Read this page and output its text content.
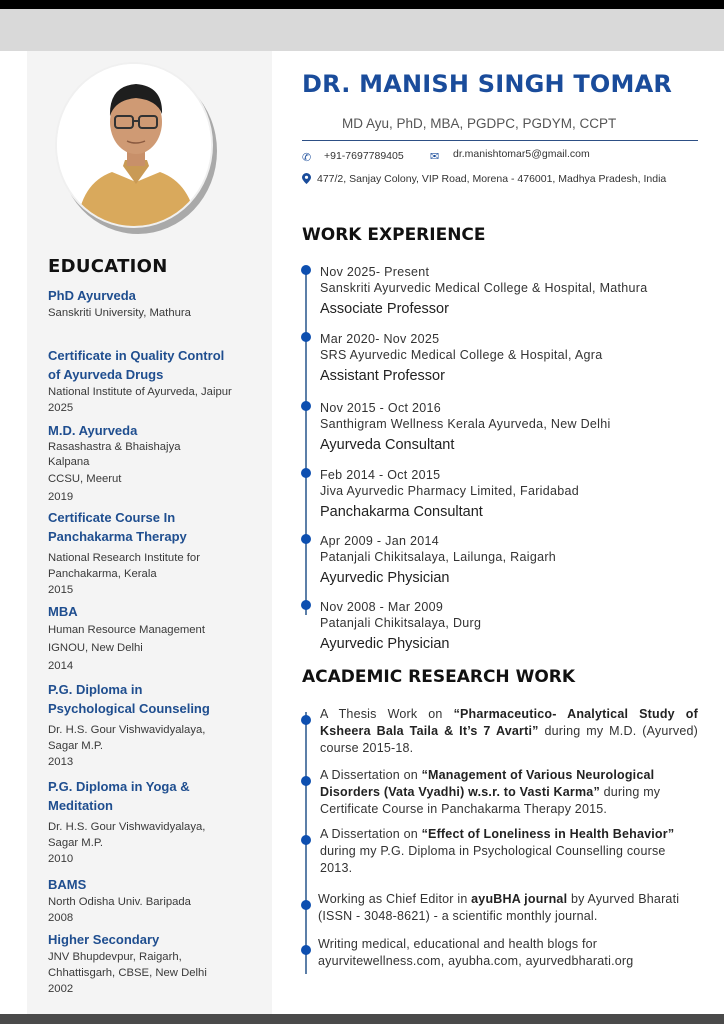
EDUCATION
PhD Ayurveda
Sanskriti University, Mathura
Certificate in Quality Control
of Ayurveda Drugs
National Institute of Ayurveda, Jaipur
2025
M.D. Ayurveda
Rasashastra & Bhaishajya
Kalpana
CCSU, Meerut
2019
Certificate Course In
Panchakarma Therapy
National Research Institute for
Panchakarma, Kerala
2015
MBA
Human Resource Management
IGNOU, New Delhi
2014
P.G. Diploma in
Psychological Counseling
Dr. H.S. Gour Vishwavidyalaya,
Sagar M.P.
2013
P.G. Diploma in Yoga &
Meditation
Dr. H.S. Gour Vishwavidyalaya,
Sagar M.P.
2010
BAMS
North Odisha Univ. Baripada
2008
Higher Secondary
JNV Bhupdevpur, Raigarh,
Chhattisgarh, CBSE, New Delhi
2002
DR. MANISH SINGH TOMAR
MD Ayu, PhD, MBA, PGDPC, PGDYM, CCPT
✆ +91-7697789405 ✉ dr.manishtomar5@gmail.com
477/2, Sanjay Colony, VIP Road, Morena - 476001, Madhya Pradesh, India
WORK EXPERIENCE
Nov 2025- Present
Sanskriti Ayurvedic Medical College & Hospital, Mathura
Associate Professor
Mar 2020- Nov 2025
SRS Ayurvedic Medical College & Hospital, Agra
Assistant Professor
Nov 2015 - Oct 2016
Santhigram Wellness Kerala Ayurveda, New Delhi
Ayurveda Consultant
Feb 2014 - Oct 2015
Jiva Ayurvedic Pharmacy Limited, Faridabad
Panchakarma Consultant
Apr 2009 - Jan 2014
Patanjali Chikitsalaya, Lailunga, Raigarh
Ayurvedic Physician
Nov 2008 - Mar 2009
Patanjali Chikitsalaya, Durg
Ayurvedic Physician
ACADEMIC RESEARCH WORK
A Thesis Work on “Pharmaceutico- Analytical Study of Ksheera Bala Taila & It’s 7 Avarti” during my M.D. (Ayurved) course 2015-18.
A Dissertation on “Management of Various Neurological Disorders (Vata Vyadhi) w.s.r. to Vasti Karma” during my Certificate Course in Panchakarma Therapy 2015.
A Dissertation on “Effect of Loneliness in Health Behavior” during my P.G. Diploma in Psychological Counselling course 2013.
Working as Chief Editor in ayuBHA journal by Ayurved Bharati (ISSN - 3048-8621) - a scientific monthly journal.
Writing medical, educational and health blogs for ayurvitewellness.com, ayubha.com, ayurvedbharati.org
